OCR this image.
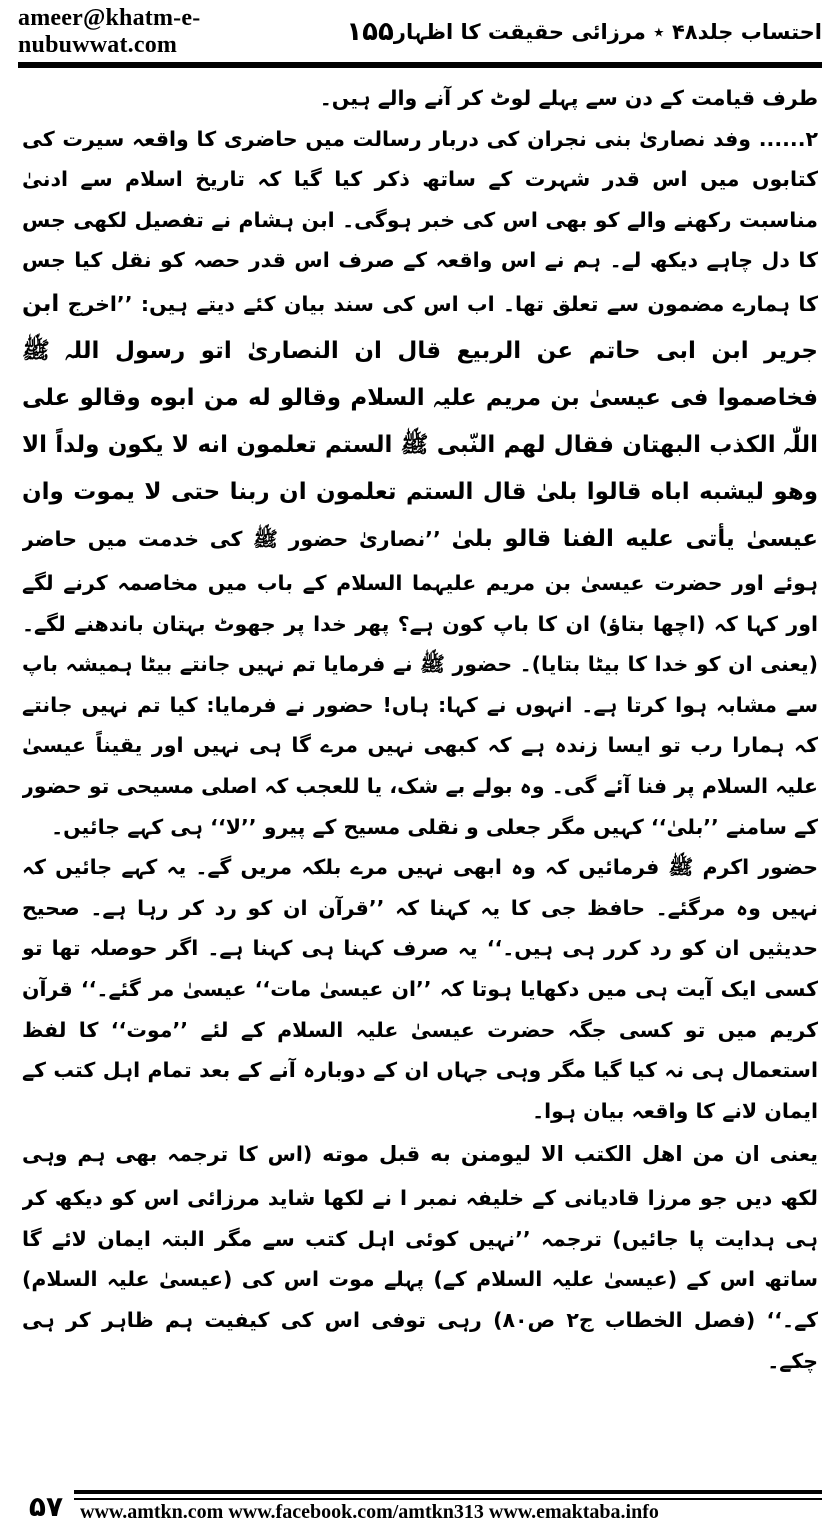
ameer@khatm-e-nubuwwat.com	۱۵۵ احتساب جلد۴۸ ٭ مرزائی حقیقت کا اظہار

طرف قیامت کے دن سے پہلے لوٹ کر آنے والے ہیں۔

۲...... وفد نصاریٰ بنی نجران کی دربار رسالت میں حاضری کا واقعہ سیرت کی کتابوں میں اس قدر شہرت کے ساتھ ذکر کیا گیا کہ تاریخ اسلام سے ادنیٰ مناسبت رکھنے والے کو بھی اس کی خبر ہوگی۔ ابن ہشام نے تفصیل لکھی جس کا دل چاہے دیکھ لے۔ ہم نے اس واقعہ کے صرف اس قدر حصہ کو نقل کیا جس کا ہمارے مضمون سے تعلق تھا۔ اب اس کی سند بیان کئے دیتے ہیں: ’’اخرج ابن جریر ابن ابی حاتم عن الربیع قال ان النصاریٰ اتو رسول اللہ ﷺ فخاصموا فی عیسیٰ بن مریم علیہ السلام وقالو له من ابوه وقالو علی اللّٰہ الکذب البهتان فقال لهم النّبی ﷺ الستم تعلمون انه لا یکون ولداً الا وهو لیشبه اباه قالوا بلیٰ قال الستم تعلمون ان ربنا حتی لا یموت وان عیسیٰ یأتی علیه الفنا قالو بلیٰ ’’نصاریٰ حضور ﷺ کی خدمت میں حاضر ہوئے اور حضرت عیسیٰ بن مریم علیہما السلام کے باب میں مخاصمہ کرنے لگے اور کہا کہ (اچھا بتاؤ) ان کا باپ کون ہے؟ پھر خدا پر جھوٹ بہتان باندھنے لگے۔ (یعنی ان کو خدا کا بیٹا بتایا)۔ حضور ﷺ نے فرمایا تم نہیں جانتے بیٹا ہمیشہ باپ سے مشابہ ہوا کرتا ہے۔ انہوں نے کہا: ہاں! حضور نے فرمایا: کیا تم نہیں جانتے کہ ہمارا رب تو ایسا زندہ ہے کہ کبھی نہیں مرے گا ہی نہیں اور یقیناً عیسیٰ علیہ السلام پر فنا آئے گی۔ وہ بولے بے شک، یا للعجب کہ اصلی مسیحی تو حضور کے سامنے ’’بلیٰ‘‘ کہیں مگر جعلی و نقلی مسیح کے پیرو ’’لا‘‘ ہی کہے جائیں۔

حضور اکرم ﷺ فرمائیں کہ وہ ابھی نہیں مرے بلکہ مریں گے۔ یہ کہے جائیں کہ نہیں وہ مرگئے۔ حافظ جی کا یہ کہنا کہ ’’قرآن ان کو رد کر رہا ہے۔ صحیح حدیثیں ان کو رد کرر ہی ہیں۔‘‘ یہ صرف کہنا ہی کہنا ہے۔ اگر حوصلہ تھا تو کسی ایک آیت ہی میں دکھایا ہوتا کہ ’’ان عیسیٰ مات‘‘ عیسیٰ مر گئے۔‘‘ قرآن کریم میں تو کسی جگہ حضرت عیسیٰ علیہ السلام کے لئے ’’موت‘‘ کا لفظ استعمال ہی نہ کیا گیا مگر وہی جہاں ان کے دوبارہ آنے کے بعد تمام اہل کتب کے ایمان لانے کا واقعہ بیان ہوا۔

یعنی ان من اهل الکتب الا لیومنن به قبل موته (اس کا ترجمہ بھی ہم وہی لکھ دیں جو مرزا قادیانی کے خلیفہ نمبر ا نے لکھا شاید مرزائی اس کو دیکھ کر ہی ہدایت پا جائیں) ترجمہ ’’نہیں کوئی اہل کتب سے مگر البتہ ایمان لائے گا ساتھ اس کے (عیسیٰ علیہ السلام کے) پہلے موت اس کی (عیسیٰ علیہ السلام) کے۔‘‘ (فصل الخطاب ج۲ ص۸۰) رہی توفی اس کی کیفیت ہم ظاہر کر ہی چکے۔

۵۷ www.amtkn.com www.facebook.com/amtkn313 www.emaktaba.info
